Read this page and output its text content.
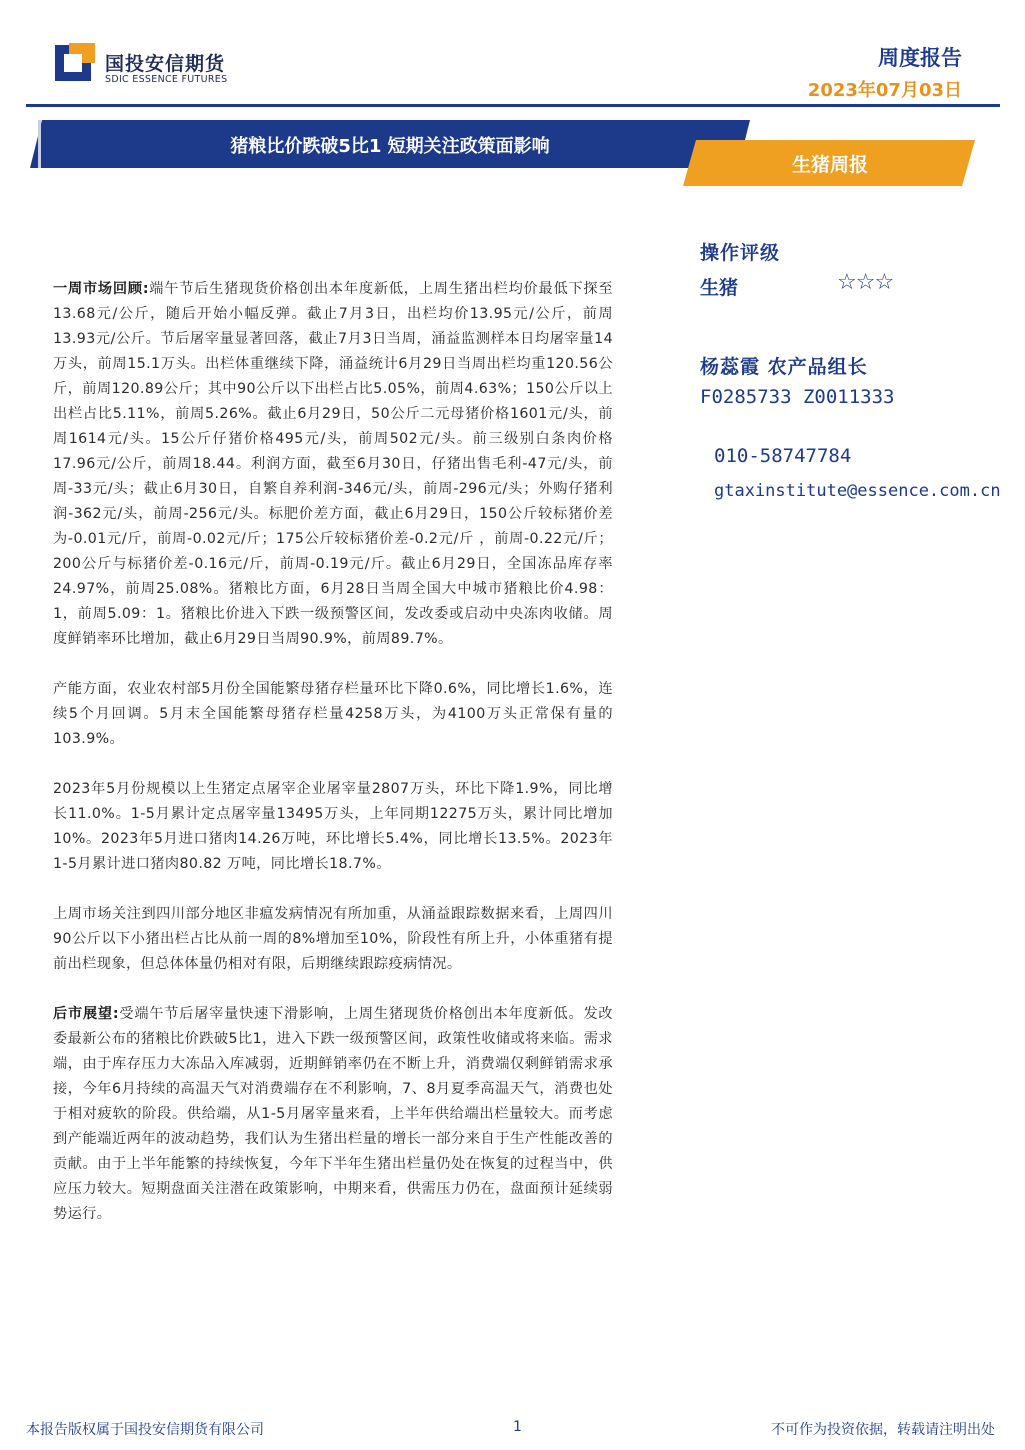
国投安信期货
SDIC ESSENCE FUTURES
周度报告
2023年07月03日
猪粮比价跌破5比1 短期关注政策面影响
生猪周报
操作评级
生猪	☆☆☆
杨蕊霞 农产品组长
F0285733 Z0011333
010-58747784
gtaxinstitute@essence.com.cn

一周市场回顾:端午节后生猪现货价格创出本年度新低，上周生猪出栏均价最低下探至13.68元/公斤，随后开始小幅反弹。截止7月3日，出栏均价13.95元/公斤，前周13.93元/公斤。节后屠宰量显著回落，截止7月3日当周，涌益监测样本日均屠宰量14万头，前周15.1万头。出栏体重继续下降，涌益统计6月29日当周出栏均重120.56公斤，前周120.89公斤；其中90公斤以下出栏占比5.05%，前周4.63%；150公斤以上出栏占比5.11%，前周5.26%。截止6月29日，50公斤二元母猪价格1601元/头，前周1614元/头。15公斤仔猪价格495元/头，前周502元/头。前三级别白条肉价格17.96元/公斤，前周18.44。利润方面，截至6月30日，仔猪出售毛利-47元/头，前周-33元/头；截止6月30日，自繁自养利润-346元/头，前周-296元/头；外购仔猪利润-362元/头，前周-256元/头。标肥价差方面，截止6月29日，150公斤较标猪价差为-0.01元/斤，前周-0.02元/斤；175公斤较标猪价差-0.2元/斤 ，前周-0.22元/斤；200公斤与标猪价差-0.16元/斤，前周-0.19元/斤。截止6月29日，全国冻品库存率24.97%，前周25.08%。猪粮比方面，6月28日当周全国大中城市猪粮比价4.98：1，前周5.09：1。猪粮比价进入下跌一级预警区间，发改委或启动中央冻肉收储。周度鲜销率环比增加，截止6月29日当周90.9%，前周89.7%。

产能方面，农业农村部5月份全国能繁母猪存栏量环比下降0.6%，同比增长1.6%，连续5个月回调。5月末全国能繁母猪存栏量4258万头，为4100万头正常保有量的103.9%。

2023年5月份规模以上生猪定点屠宰企业屠宰量2807万头，环比下降1.9%，同比增长11.0%。1-5月累计定点屠宰量13495万头，上年同期12275万头，累计同比增加10%。2023年5月进口猪肉14.26万吨，环比增长5.4%，同比增长13.5%。2023年1-5月累计进口猪肉80.82 万吨，同比增长18.7%。

上周市场关注到四川部分地区非瘟发病情况有所加重，从涌益跟踪数据来看，上周四川90公斤以下小猪出栏占比从前一周的8%增加至10%，阶段性有所上升，小体重猪有提前出栏现象，但总体体量仍相对有限，后期继续跟踪疫病情况。

后市展望:受端午节后屠宰量快速下滑影响，上周生猪现货价格创出本年度新低。发改委最新公布的猪粮比价跌破5比1，进入下跌一级预警区间，政策性收储或将来临。需求端，由于库存压力大冻品入库减弱，近期鲜销率仍在不断上升，消费端仅剩鲜销需求承接，今年6月持续的高温天气对消费端存在不利影响，7、8月夏季高温天气，消费也处于相对疲软的阶段。供给端，从1-5月屠宰量来看，上半年供给端出栏量较大。而考虑到产能端近两年的波动趋势，我们认为生猪出栏量的增长一部分来自于生产性能改善的贡献。由于上半年能繁的持续恢复，今年下半年生猪出栏量仍处在恢复的过程当中，供应压力较大。短期盘面关注潜在政策影响，中期来看，供需压力仍在，盘面预计延续弱势运行。

本报告版权属于国投安信期货有限公司	1	不可作为投资依据，转载请注明出处
